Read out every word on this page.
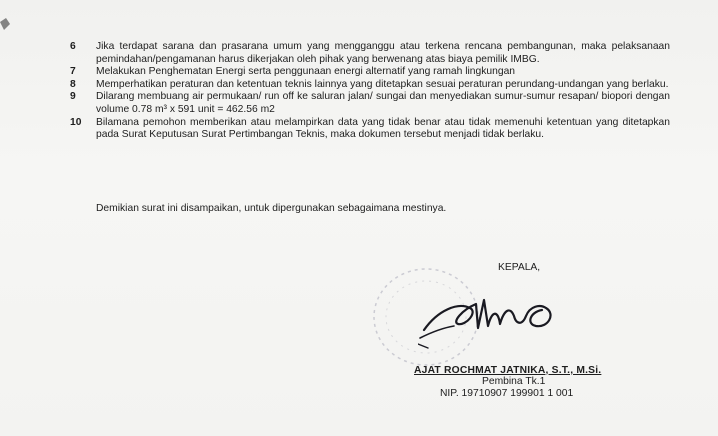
6	Jika terdapat sarana dan prasarana umum yang mengganggu atau terkena rencana pembangunan, maka pelaksanaan pemindahan/pengamanan harus dikerjakan oleh pihak yang berwenang atas biaya pemilik IMBG.
7	Melakukan Penghematan Energi serta penggunaan energi alternatif yang ramah lingkungan
8	Memperhatikan peraturan dan ketentuan teknis lainnya yang ditetapkan sesuai peraturan perundang-undangan yang berlaku.
9	Dilarang membuang air permukaan/ run off ke saluran jalan/ sungai dan menyediakan sumur-sumur resapan/ biopori dengan volume 0.78 m³ x 591 unit = 462.56 m2
10	Bilamana pemohon memberikan atau melampirkan data yang tidak benar atau tidak memenuhi ketentuan yang ditetapkan pada Surat Keputusan Surat Pertimbangan Teknis, maka dokumen tersebut menjadi tidak berlaku.
Demikian surat ini disampaikan, untuk dipergunakan sebagaimana mestinya.
KEPALA,
AJAT ROCHMAT JATNIKA, S.T., M.Si.
Pembina Tk.1
NIP. 19710907 199901 1 001
